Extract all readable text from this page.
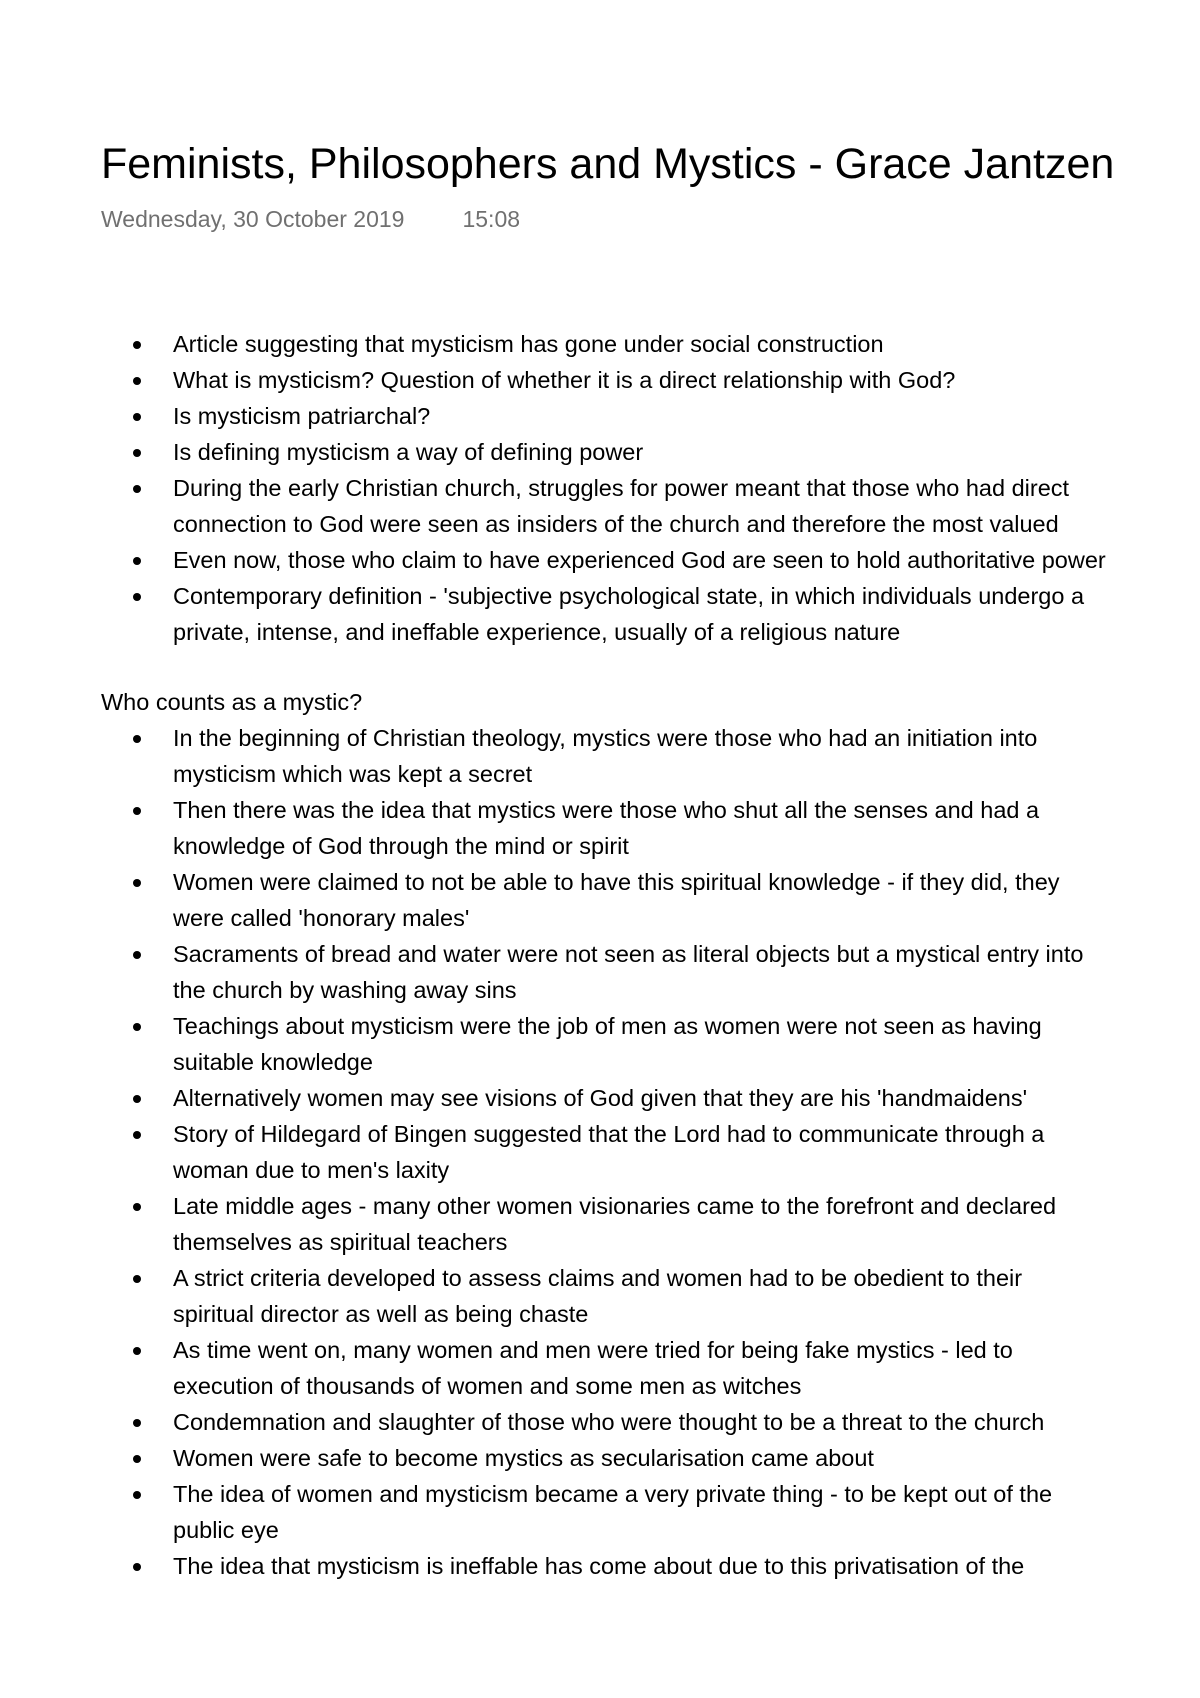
Feminists, Philosophers and Mystics - Grace Jantzen
Wednesday, 30 October 2019	15:08
Article suggesting that mysticism has gone under social construction
What is mysticism? Question of whether it is a direct relationship with God?
Is mysticism patriarchal?
Is defining mysticism a way of defining power
During the early Christian church, struggles for power meant that those who had direct
connection to God were seen as insiders of the church and therefore the most valued
Even now, those who claim to have experienced God are seen to hold authoritative power
Contemporary definition - 'subjective psychological state, in which individuals undergo a
private, intense, and ineffable experience, usually of a religious nature
Who counts as a mystic?
In the beginning of Christian theology, mystics were those who had an initiation into
mysticism which was kept a secret
Then there was the idea that mystics were those who shut all the senses and had a
knowledge of God through the mind or spirit
Women were claimed to not be able to have this spiritual knowledge - if they did, they
were called 'honorary males'
Sacraments of bread and water were not seen as literal objects but a mystical entry into
the church by washing away sins
Teachings about mysticism were the job of men as women were not seen as having
suitable knowledge
Alternatively women may see visions of God given that they are his 'handmaidens'
Story of Hildegard of Bingen suggested that the Lord had to communicate through a
woman due to men's laxity
Late middle ages - many other women visionaries came to the forefront and declared
themselves as spiritual teachers
A strict criteria developed to assess claims and women had to be obedient to their
spiritual director as well as being chaste
As time went on, many women and men were tried for being fake mystics - led to
execution of thousands of women and some men as witches
Condemnation and slaughter of those who were thought to be a threat to the church
Women were safe to become mystics as secularisation came about
The idea of women and mysticism became a very private thing - to be kept out of the
public eye
The idea that mysticism is ineffable has come about due to this privatisation of the
